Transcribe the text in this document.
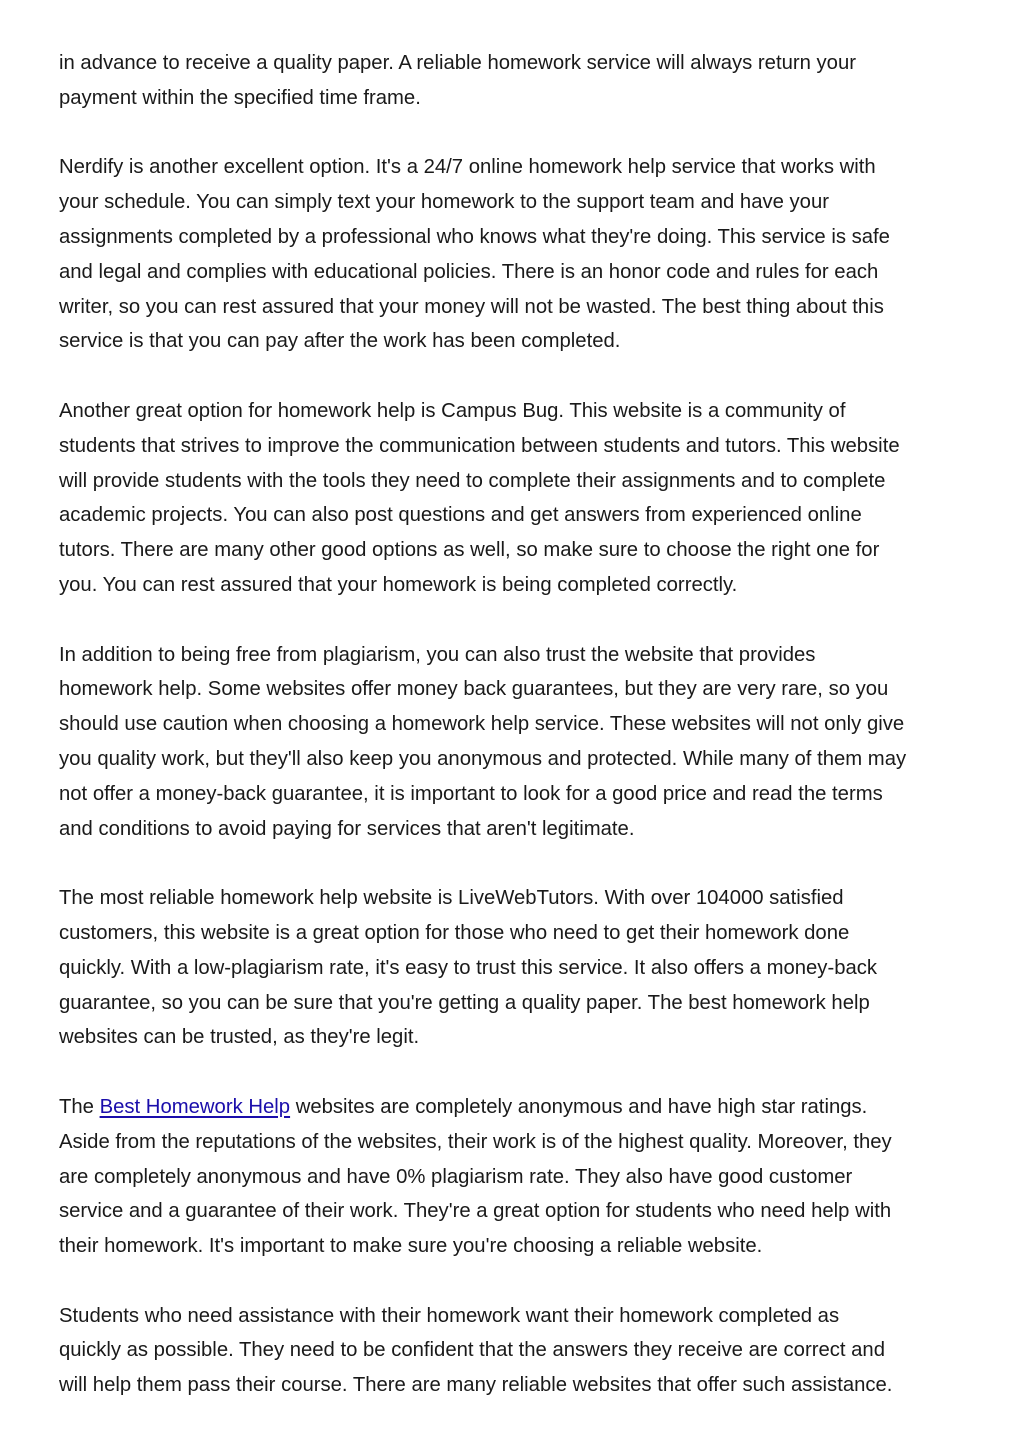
in advance to receive a quality paper. A reliable homework service will always return your
payment within the specified time frame.

Nerdify is another excellent option. It's a 24/7 online homework help service that works with
your schedule. You can simply text your homework to the support team and have your
assignments completed by a professional who knows what they're doing. This service is safe
and legal and complies with educational policies. There is an honor code and rules for each
writer, so you can rest assured that your money will not be wasted. The best thing about this
service is that you can pay after the work has been completed.

Another great option for homework help is Campus Bug. This website is a community of
students that strives to improve the communication between students and tutors. This website
will provide students with the tools they need to complete their assignments and to complete
academic projects. You can also post questions and get answers from experienced online
tutors. There are many other good options as well, so make sure to choose the right one for
you. You can rest assured that your homework is being completed correctly.

In addition to being free from plagiarism, you can also trust the website that provides
homework help. Some websites offer money back guarantees, but they are very rare, so you
should use caution when choosing a homework help service. These websites will not only give
you quality work, but they'll also keep you anonymous and protected. While many of them may
not offer a money-back guarantee, it is important to look for a good price and read the terms
and conditions to avoid paying for services that aren't legitimate.

The most reliable homework help website is LiveWebTutors. With over 104000 satisfied
customers, this website is a great option for those who need to get their homework done
quickly. With a low-plagiarism rate, it's easy to trust this service. It also offers a money-back
guarantee, so you can be sure that you're getting a quality paper. The best homework help
websites can be trusted, as they're legit.

The Best Homework Help websites are completely anonymous and have high star ratings.
Aside from the reputations of the websites, their work is of the highest quality. Moreover, they
are completely anonymous and have 0% plagiarism rate. They also have good customer
service and a guarantee of their work. They're a great option for students who need help with
their homework. It's important to make sure you're choosing a reliable website.

Students who need assistance with their homework want their homework completed as
quickly as possible. They need to be confident that the answers they receive are correct and
will help them pass their course. There are many reliable websites that offer such assistance.
